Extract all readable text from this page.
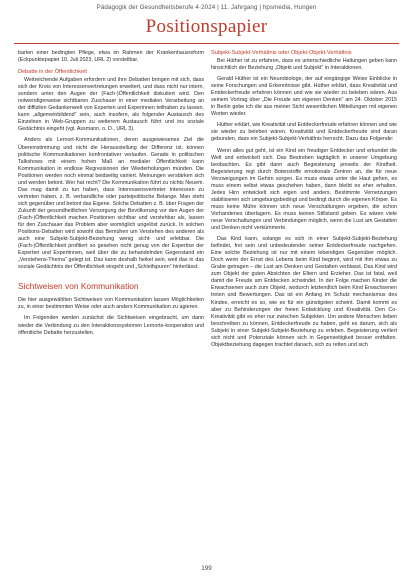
Pädagogik der Gesundheitsberufe 4·2024 | 11. Jahrgang | hpsmedia, Hungen
Positionspapier

barten einer bedingten Pflege, etwa im Rahmen der Krankenhausreform (Eckpunktepapier 10. Juli 2023, URL 2) vorstellbar.

Debatte in der Öffentlichkeit

Weitreichende Aufgaben erfordern und ihre Debatten bringen mit sich, dass sich der Kreis von Interessenvertretungen erweitert, und dass nicht nur intern, sondern unter den Augen der (Fach-)Öffentlichkeit diskutiert wird. Den notwendigerweise sichtbaren Zuschauer in einer medialen Verarbeitung an der diffizilen Gedankenwelt von Experten und Experinnen teilhaben zu lassen, kann „allgemeinbildend“ sein, auch insofern, als folgender Austausch des Einzelnen in Web-Gruppen zu weiterem Austausch führt und ins soziale Gedächtnis eingeht (vgl. Assmann, o. D., URL 3).

Anders als Lernort-Kommunikationen, deren ausgewiesenes Ziel die Übereinstimmung und nicht die Herausstellung der Differenz ist, können politische Kommunikationen konfrontativer verlaufen. Gerade in politischen Talkshows mit einem hohen Maß an medialer Öffentlichkeit kann Kommunikation in endlose Regressionen der Wiederholungen münden. Die Positionen werden noch einmal beidseitig variiert. Meinungen verstärken sich und werden betont. Wer hat recht? Die Kommunikation führt zu nichts Neuem. Das mag damit zu tun haben, dass Interessensvertreter Interessen zu vertreten haben, z. B. verbandliche oder parteipolitische Belange. Man steht sich gegenüber und betont das Eigene. Solche Debatten z. B. über Fragen der Zukunft der gesundheitlichen Versorgung der Bevölkerung vor den Augen der (Fach-)Öffentlichkeit machen Positionen sichtbar und verstehbar als, lassen für den Zuschauer das Problem aber womöglich ungelöst zurück. In solchen Positions-Debatten wird sowohl das Bemühen um Verstehen des anderen als auch eine Subjekt-Subjekt-Beziehung wenig sicht- und erlebbar. Die (Fach-)Öffentlichkeit profitiert so gesehen nicht genug von der Expertise der Experten und Expertinnen, weil über die zu behandelnden Gegenstand ein „Verstehens-Thema“ gelegt ist. Das kann deshalb heikel sein, weil das in das soziale Gedächtnis der Öffentlichkeit eingeht und „Schleifspuren“ hinterlässt.

Sichtweisen von Kommunikation

Die hier ausgewählten Sichtweisen von Kommunikation lassen Möglichkeiten zu, in einer bestimmten Weise oder auch anders Kommunikation zu agieren.

Im Folgenden werden zunächst die Sichtweisen eingebracht, um dann wieder die Verbindung zu den Interaktionssystemen Lernorte-kooperation und öffentliche Debatte herzustellen.

Subjekt-Subjekt-Verhältnis oder Objekt-Objekt-Verhältnis

Bei Hüther ist zu erfahren, dass es unterschiedliche Haltungen geben kann hinsichtlich der Beziehung „Objekt und Subjekt“ in Interaktionen.

Gerald Hüther ist ein Neurobiologe, der auf eingängige Weise Einblicke in seine Forschungen und Erkenntnisse gibt. Hüther erklärt, dass Kreativität und Entdeckerfreude erfahren können und wie sie wieder zu beleben wären. Aus seinem Vortrag über „Die Freude am eigenen Denken“ am 24. Oktober 2015 in Berlin gebe ich die aus meiner Sicht wesentlichen Mitteilungen mit eigenen Worten wieder.

Hüther erklärt, wie Kreativität und Entdeckerfreude erfahren können und wie sie wieder zu beleben wären. Kreativität und Entdeckerfreude sind daran gebunden, dass ein Subjekt-Subjekt-Verhältnis herrscht. Dazu das Folgende:

Wenn alles gut geht, ist ein Kind ein freudiger Entdecker und erkundet die Welt und entwickelt sich. Das Bestreben tagtäglich in unserer Umgebung beobachten. Es gibt dann auch Begeisterung jenseits der Kindheit. Begeisterung regt durch Botenstoffe emotionale Zentren an, die für neue Verzweigungen im Gehirn sorgen. Es muss etwas unter die Haut gehen, es muss einem selbst etwas geschehen haben, dann bleibt es eher erhalten. Jedes Hirn entwickelt sich eigen und anders. Bestimmte Vernetzungen stabilisieren sich umgebungsbedingt und bedingt durch die eigenen Körper. Es muss keine Mühe können sich neue Verschaltungen ergeben, die schon Vorhandenes überlagern. Es muss keinen Stillstand geben. Es wären viele neue Verschaltungen und Verbindungen möglich, wenn die Lust am Gestalten und Denken nicht verkümmerte.

Das Kind kann, solange es sich in einer Subjekt-Subjekt-Beziehung befindet, frei sein und unbedeutender seiner Entdeckerfreude nachgehen. Eine solche Beziehung ist nur mit einem lebendigen Gegenüber möglich. Doch wenn der Ernst des Lebens beim Kind beginnt, wird mit ihm etwas zu Grabe getragen – die Lust am Denken und Gestalten verblasst. Das Kind wird zum Objekt der guten Absichten der Eltern und Erzieher. Das ist fatal, weil damit die Freude am Entdecken schwindet. In der Folge machen Kinder die Erwachsenen auch zum Objekt, wodurch letztendlich beim Kind Erwachsenen treten und Bewertungen. Das ist ein Anfang im Schutz mechanismus des Kindes, erreicht es so, wie es für ein günstigsten scheint. Damit kommt es aber zu Behinderungen der freien Entwicklung und Kreativität. Den Co-Kreativität gibt es eher nur zwischen Subjekten. Um andere Menschen lieben beschreiben zu können, Entdeckerfreude zu haben, geht es darum, sich als Subjekt in einer Subjekt-Subjekt-Beziehung zu erleben. Begeisterung verliert sich nicht und Potenziale können sich in Gegenseitigkeit besser entfalten. Objektbeziehung dagegen trachtet danach, sich zu retten und sich

199
